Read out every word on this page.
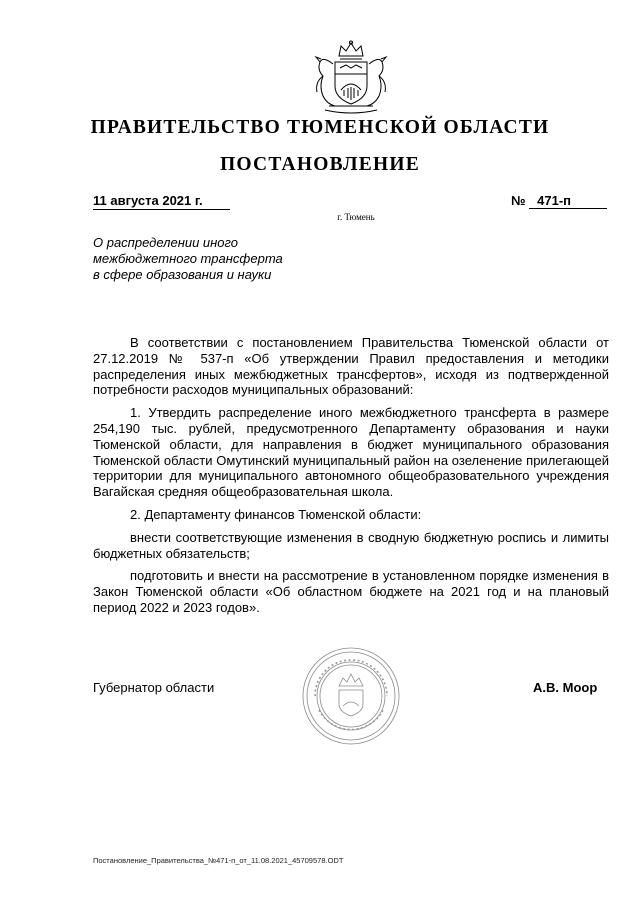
ПРАВИТЕЛЬСТВО ТЮМЕНСКОЙ ОБЛАСТИ
ПОСТАНОВЛЕНИЕ
11 августа 2021 г.	№ 471-п
г. Тюмень
О распределении иного
межбюджетного трансферта
в сфере образования и науки

В соответствии с постановлением Правительства Тюменской области от 27.12.2019 № 537-п «Об утверждении Правил предоставления и методики распределения иных межбюджетных трансфертов», исходя из подтвержденной потребности расходов муниципальных образований:

1. Утвердить распределение иного межбюджетного трансферта в размере 254,190 тыс. рублей, предусмотренного Департаменту образования и науки Тюменской области, для направления в бюджет муниципального образования Тюменской области Омутинский муниципальный район на озеленение прилегающей территории для муниципального автономного общеобразовательного учреждения Вагайская средняя общеобразовательная школа.

2. Департаменту финансов Тюменской области:

внести соответствующие изменения в сводную бюджетную роспись и лимиты бюджетных обязательств;

подготовить и внести на рассмотрение в установленном порядке изменения в Закон Тюменской области «Об областном бюджете на 2021 год и на плановый период 2022 и 2023 годов».

Губернатор области	А.В. Моор
Постановление_Правительства_№471-п_от_11.08.2021_45709578.ODT
